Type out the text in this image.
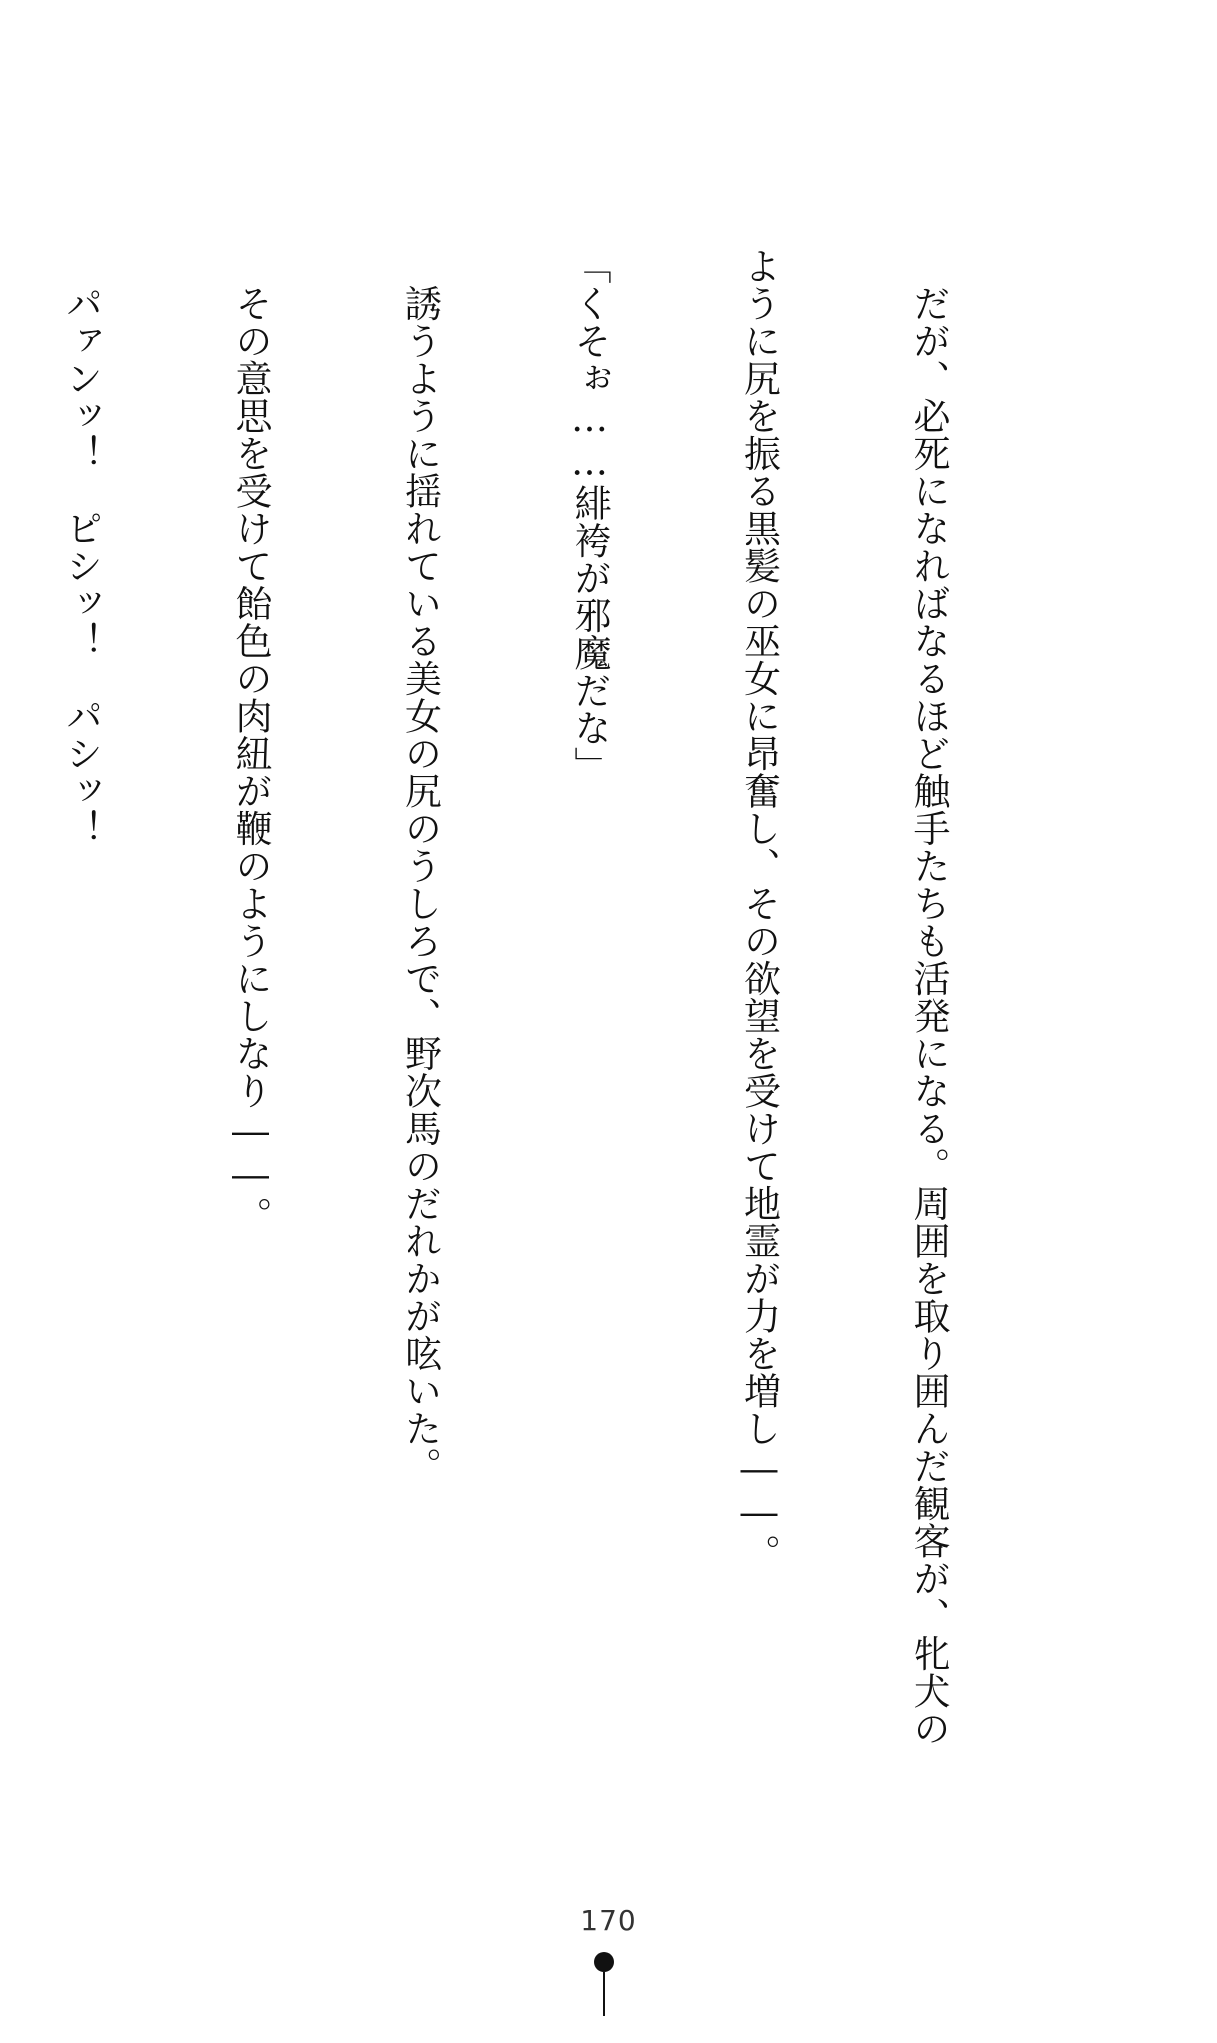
　だが、必死になればなるほど触手たちも活発になる。周囲を取り囲んだ観客が、牝犬の

ように尻を振る黒髪の巫女に昂奮し、その欲望を受けて地霊が力を増し――。

「くそぉ……緋袴が邪魔だな」

　誘うように揺れている美女の尻のうしろで、野次馬のだれかが呟いた。

　その意思を受けて飴色の肉紐が鞭のようにしなり――。

　パァンッ！　ピシッ！　パシッ！

170
